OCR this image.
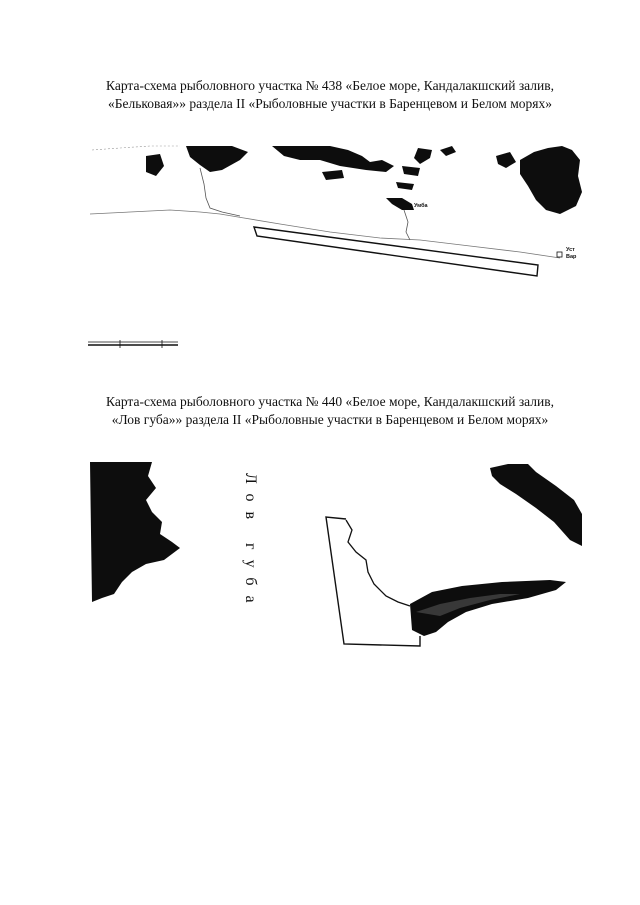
Карта-схема рыболовного участка № 438 «Белое море, Кандалакшский залив,
«Бельковая»» раздела II «Рыболовные участки в Баренцевом и Белом морях»

Умба
Уст
Вар

Карта-схема рыболовного участка № 440 «Белое море, Кандалакшский залив,
«Лов губа»» раздела II «Рыболовные участки в Баренцевом и Белом морях»

Лов губа
